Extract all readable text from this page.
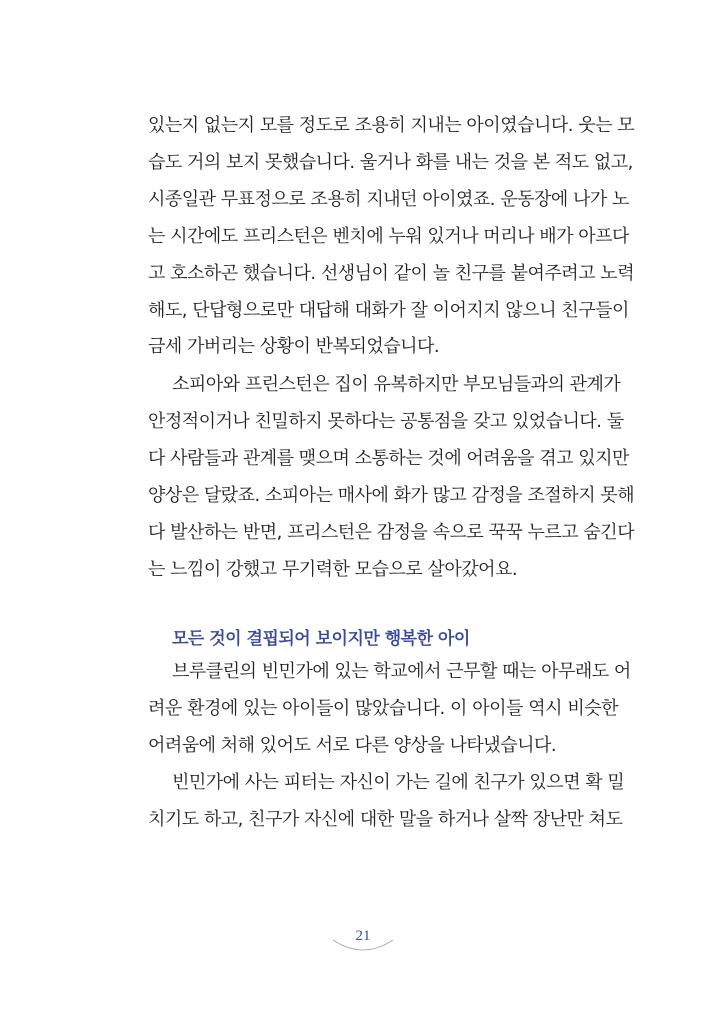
있는지 없는지 모를 정도로 조용히 지내는 아이였습니다. 웃는 모
습도 거의 보지 못했습니다. 울거나 화를 내는 것을 본 적도 없고,
시종일관 무표정으로 조용히 지내던 아이였죠. 운동장에 나가 노
는 시간에도 프리스턴은 벤치에 누워 있거나 머리나 배가 아프다
고 호소하곤 했습니다. 선생님이 같이 놀 친구를 붙여주려고 노력
해도, 단답형으로만 대답해 대화가 잘 이어지지 않으니 친구들이
금세 가버리는 상황이 반복되었습니다.
소피아와 프린스턴은 집이 유복하지만 부모님들과의 관계가
안정적이거나 친밀하지 못하다는 공통점을 갖고 있었습니다. 둘
다 사람들과 관계를 맺으며 소통하는 것에 어려움을 겪고 있지만
양상은 달랐죠. 소피아는 매사에 화가 많고 감정을 조절하지 못해
다 발산하는 반면, 프리스턴은 감정을 속으로 꾹꾹 누르고 숨긴다
는 느낌이 강했고 무기력한 모습으로 살아갔어요.
모든 것이 결핍되어 보이지만 행복한 아이
브루클린의 빈민가에 있는 학교에서 근무할 때는 아무래도 어
려운 환경에 있는 아이들이 많았습니다. 이 아이들 역시 비슷한
어려움에 처해 있어도 서로 다른 양상을 나타냈습니다.
빈민가에 사는 피터는 자신이 가는 길에 친구가 있으면 확 밀
치기도 하고, 친구가 자신에 대한 말을 하거나 살짝 장난만 쳐도
21
